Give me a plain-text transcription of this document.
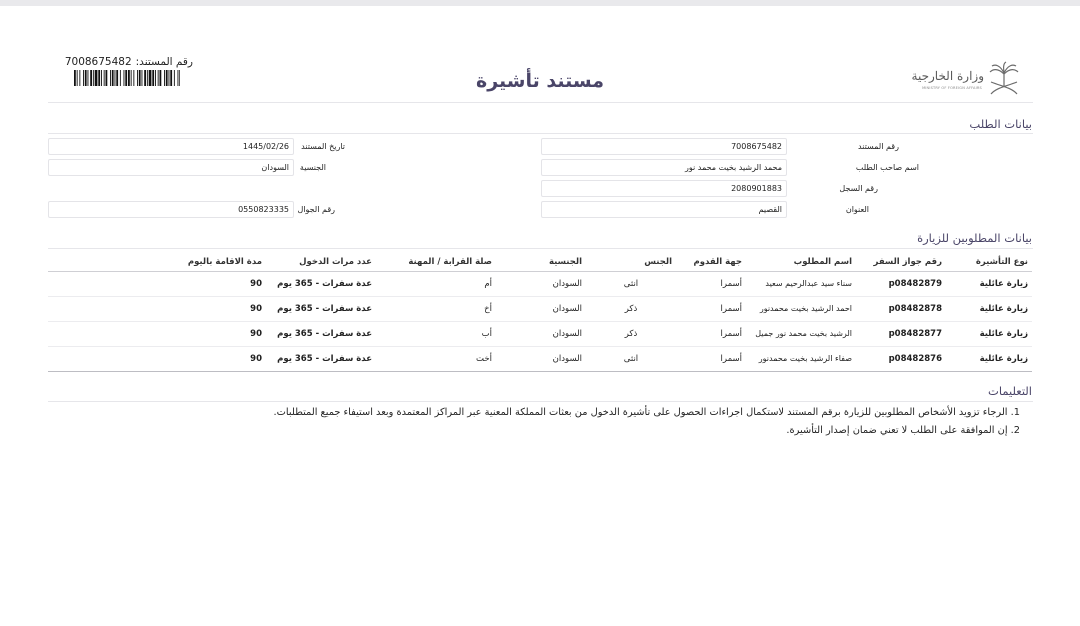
رقم المستند:7008675482
مستند تأشيرة	وزارة الخارجية
MINISTRY OF FOREIGN AFFAIRS
بيانات الطلب
رقم المستند
7008675482
اسم صاحب الطلب
محمد الرشيد بخيت محمد نور
رقم السجل
2080901883
العنوان
القصيم
تاريخ المستند
1445/02/26
الجنسية
السودان
رقم الجوال
0550823335
بيانات المطلوبين للزيارة
نوع التأشيرة	رقم جواز السفر	اسم المطلوب	جهة القدوم	الجنس	الجنسية	صلة القرابة / المهنة	عدد مرات الدخول	مدة الاقامة باليوم
زيارة عائلية	p08482879	سناء سيد عبدالرحيم سعيد	أسمرا	انثى	السودان	أم	عدة سفرات - 365 يوم	90
زيارة عائلية	p08482878	احمد الرشيد بخيت محمدنور	أسمرا	ذكر	السودان	أخ	عدة سفرات - 365 يوم	90
زيارة عائلية	p08482877	الرشيد بخيت محمد نور جميل	أسمرا	ذكر	السودان	أب	عدة سفرات - 365 يوم	90
زيارة عائلية	p08482876	صفاء الرشيد بخيت محمدنور	أسمرا	انثى	السودان	أخت	عدة سفرات - 365 يوم	90
التعليمات
1. الرجاء تزويد الأشخاص المطلوبين للزيارة برقم المستند لاستكمال اجراءات الحصول على تأشيرة الدخول من بعثات المملكة المعنية عبر المراكز المعتمدة وبعد استيفاء جميع المتطلبات.
2. إن الموافقة على الطلب لا تعني ضمان إصدار التأشيرة.
